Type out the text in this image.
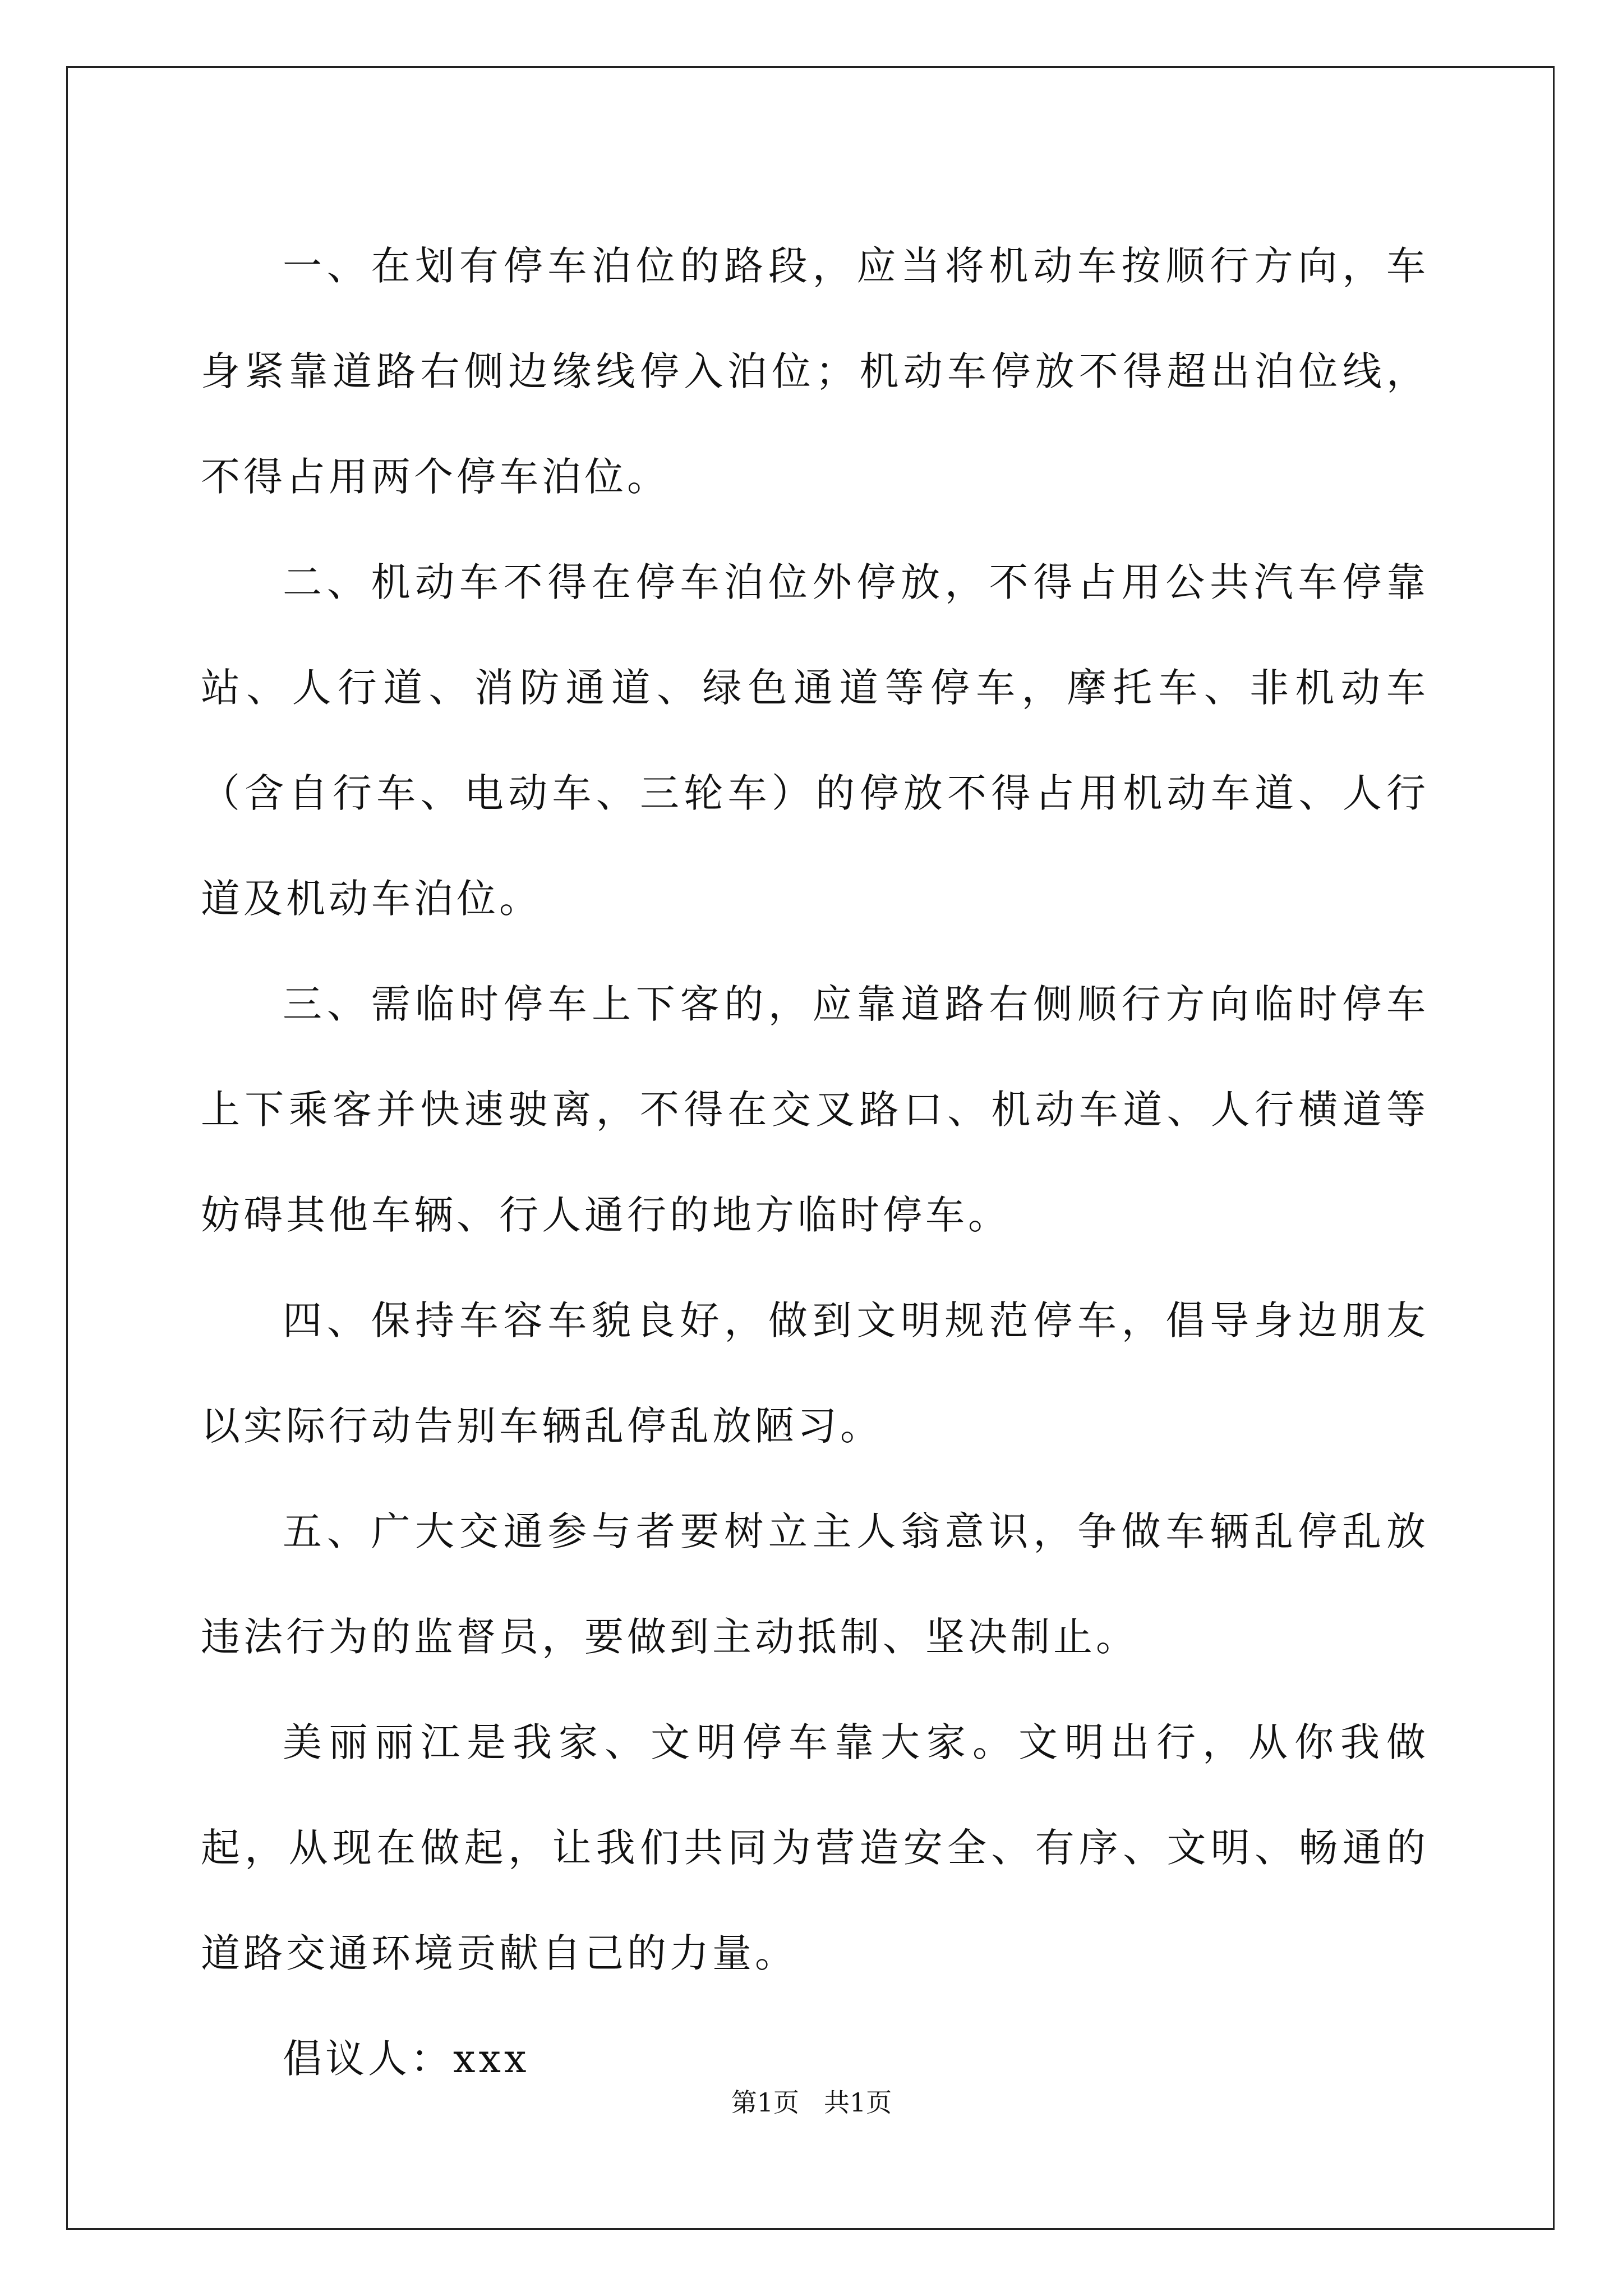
一、在划有停车泊位的路段，应当将机动车按顺行方向，车身紧靠道路右侧边缘线停入泊位；机动车停放不得超出泊位线，不得占用两个停车泊位。

二、机动车不得在停车泊位外停放，不得占用公共汽车停靠站、人行道、消防通道、绿色通道等停车，摩托车、非机动车（含自行车、电动车、三轮车）的停放不得占用机动车道、人行道及机动车泊位。

三、需临时停车上下客的，应靠道路右侧顺行方向临时停车上下乘客并快速驶离，不得在交叉路口、机动车道、人行横道等妨碍其他车辆、行人通行的地方临时停车。

四、保持车容车貌良好，做到文明规范停车，倡导身边朋友以实际行动告别车辆乱停乱放陋习。

五、广大交通参与者要树立主人翁意识，争做车辆乱停乱放违法行为的监督员，要做到主动抵制、坚决制止。

美丽丽江是我家、文明停车靠大家。文明出行，从你我做起，从现在做起，让我们共同为营造安全、有序、文明、畅通的道路交通环境贡献自己的力量。

倡议人：xxx

第1页 共1页
